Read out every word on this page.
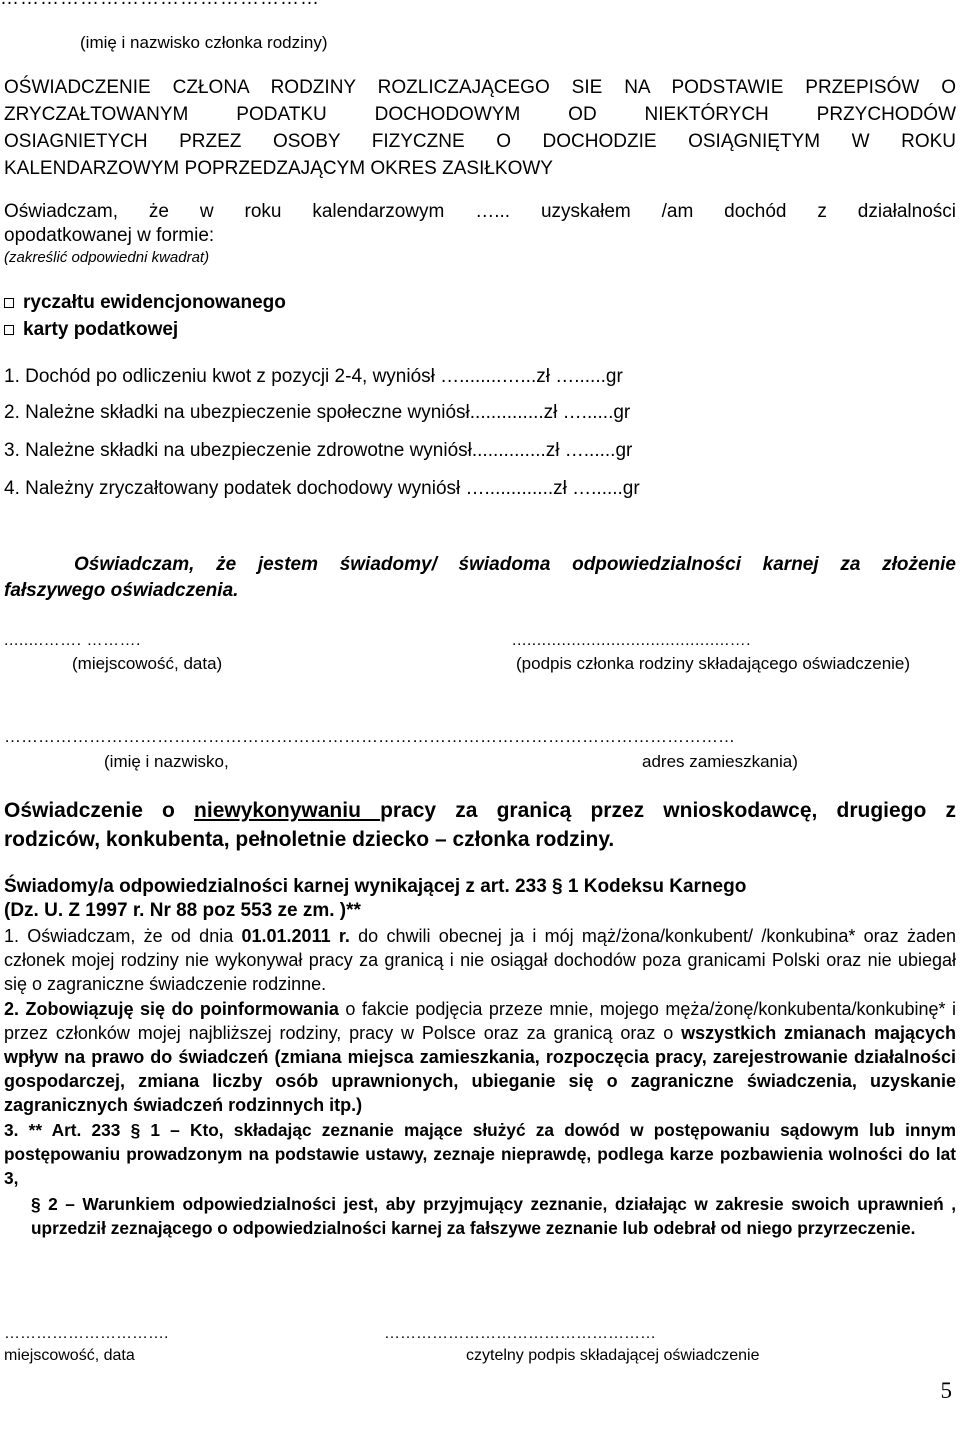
(imię i nazwisko członka rodziny)
OŚWIADCZENIE CZŁONA RODZINY ROZLICZAJĄCEGO SIE NA PODSTAWIE PRZEPISÓW O
ZRYCZAŁTOWANYM PODATKU DOCHODOWYM OD NIEKTÓRYCH PRZYCHODÓW
OSIAGNIETYCH PRZEZ OSOBY FIZYCZNE O DOCHODZIE OSIĄGNIĘTYM W ROKU
KALENDARZOWYM POPRZEDZAJĄCYM OKRES ZASIŁKOWY
Oświadczam, że w roku kalendarzowym …... uzyskałem /am dochód z działalności
opodatkowanej w formie:
(zakreślić odpowiedni kwadrat)
ryczałtu ewidencjonowanego
karty podatkowej
1. Dochód po odliczeniu kwot z pozycji 2-4, wyniósł …........…...zł …......gr
2. Należne składki na ubezpieczenie społeczne wyniósł..............zł …......gr
3. Należne składki na ubezpieczenie zdrowotne wyniósł..............zł …......gr
4. Należny zryczałtowany podatek dochodowy wyniósł ….............zł …......gr
Oświadczam, że jestem świadomy/ świadoma odpowiedzialności karnej za złożenie
fałszywego oświadczenia.
........……. ……….
(miejscowość, data)
............................................….
(podpis członka rodziny składającego oświadczenie)
…………………………………………………………………………………………………………………
(imię i nazwisko,	adres zamieszkania)
Oświadczenie o niewykonywaniu pracy za granicą przez wnioskodawcę, drugiego z
rodziców, konkubenta, pełnoletnie dziecko – członka rodziny.
Świadomy/a odpowiedzialności karnej wynikającej z art. 233 § 1 Kodeksu Karnego
(Dz. U. Z 1997 r. Nr 88 poz 553 ze zm. )**

1. Oświadczam, że od dnia 01.01.2011 r. do chwili obecnej ja i mój mąż/żona/konkubent/ /konkubina* oraz żaden członek mojej rodziny nie wykonywał pracy za granicą i nie osiągał dochodów poza granicami Polski oraz nie ubiegał się o zagraniczne świadczenie rodzinne.

2. Zobowiązuję się do poinformowania o fakcie podjęcia przeze mnie, mojego męża/żonę/konkubenta/konkubinę* i przez członków mojej najbliższej rodziny, pracy w Polsce oraz za granicą oraz o wszystkich zmianach mających wpływ na prawo do świadczeń (zmiana miejsca zamieszkania, rozpoczęcia pracy, zarejestrowanie działalności gospodarczej, zmiana liczby osób uprawnionych, ubieganie się o zagraniczne świadczenia, uzyskanie zagranicznych świadczeń rodzinnych itp.)

3. ** Art. 233 § 1 – Kto, składając zeznanie mające służyć za dowód w postępowaniu sądowym lub innym postępowaniu prowadzonym na podstawie ustawy, zeznaje nieprawdę, podlega karze pozbawienia wolności do lat 3,

§ 2 – Warunkiem odpowiedzialności jest, aby przyjmujący zeznanie, działając w zakresie swoich uprawnień , uprzedził zeznającego o odpowiedzialności karnej za fałszywe zeznanie lub odebrał od niego przyrzeczenie.

………………………….
miejscowość, data
……………………………………………
czytelny podpis składającej oświadczenie
5
